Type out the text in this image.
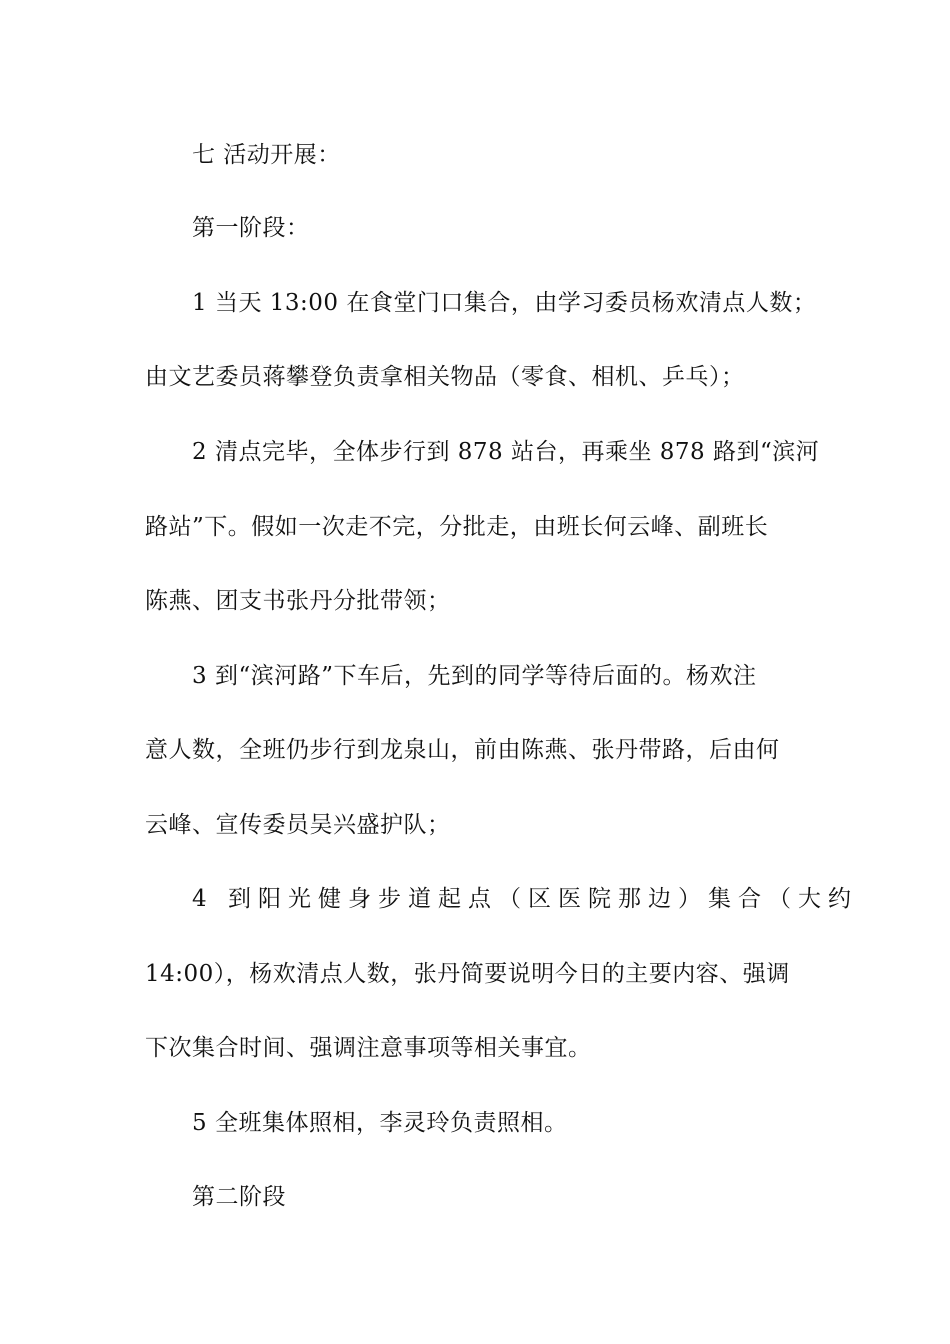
七 活动开展：
第一阶段：
1 当天 13:00 在食堂门口集合，由学习委员杨欢清点人数；
由文艺委员蒋攀登负责拿相关物品（零食、相机、乒乓）；
2 清点完毕，全体步行到 878 站台，再乘坐 878 路到“滨河
路站”下。假如一次走不完，分批走，由班长何云峰、副班长
陈燕、团支书张丹分批带领；
3 到“滨河路”下车后，先到的同学等待后面的。杨欢注
意人数，全班仍步行到龙泉山，前由陈燕、张丹带路，后由何
云峰、宣传委员吴兴盛护队；
4 到阳光健身步道起点（区医院那边）集合（大约
14:00），杨欢清点人数，张丹简要说明今日的主要内容、强调
下次集合时间、强调注意事项等相关事宜。
5 全班集体照相，李灵玲负责照相。
第二阶段
